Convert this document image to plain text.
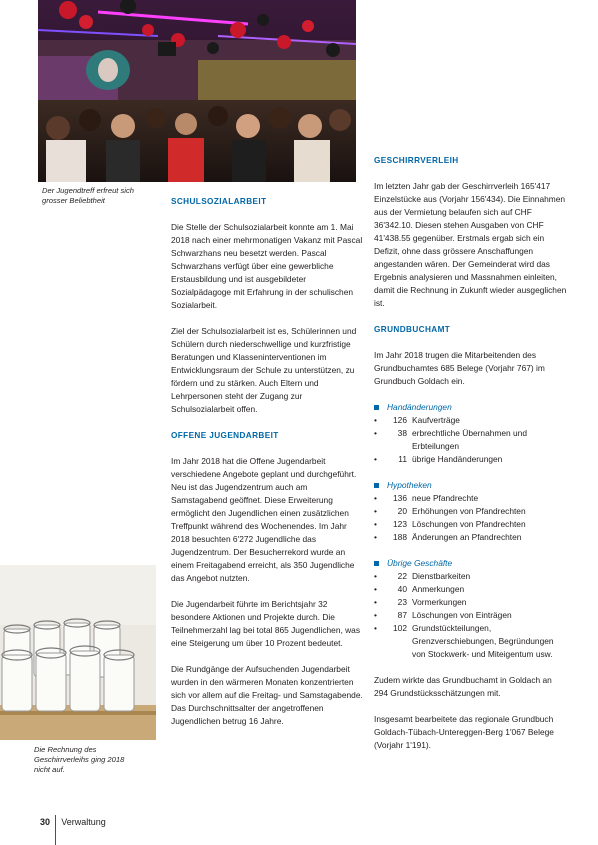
Der Jugendtreff erfreut sich grosser Beliebtheit
Die Rechnung des Geschirrverleihs ging 2018 nicht auf.
SCHULSOZIALARBEIT

Die Stelle der Schulsozialarbeit konnte am 1. Mai 2018 nach einer mehrmonatigen Vakanz mit Pascal Schwarzhans neu besetzt werden. Pascal Schwarzhans verfügt über eine gewerbliche Erstausbildung und ist ausgebildeter Sozialpädagoge mit Erfahrung in der schulischen Sozialarbeit.

Ziel der Schulsozialarbeit ist es, Schülerinnen und Schülern durch niederschwellige und kurzfristige Beratungen und Klasseninterventionen im Entwicklungsraum der Schule zu unterstützen, zu fördern und zu stärken. Auch Eltern und Lehrpersonen steht der Zugang zur Schulsozialarbeit offen.

OFFENE JUGENDARBEIT

Im Jahr 2018 hat die Offene Jugendarbeit verschiedene Angebote geplant und durchgeführt. Neu ist das Jugendzentrum auch am Samstagabend geöffnet. Diese Erweiterung ermöglicht den Jugendlichen einen zusätzlichen Treffpunkt während des Wochenendes. Im Jahr 2018 besuchten 6'272 Jugendliche das Jugendzentrum. Der Besucherrekord wurde an einem Freitagabend erreicht, als 350 Jugendliche das Angebot nutzten.

Die Jugendarbeit führte im Berichtsjahr 32 besondere Aktionen und Projekte durch. Die Teilnehmerzahl lag bei total 865 Jugendlichen, was eine Steigerung um über 10 Prozent bedeutet.

Die Rundgänge der Aufsuchenden Jugendarbeit wurden in den wärmeren Monaten konzentrierten sich vor allem auf die Freitag- und Samstagabende. Das Durchschnittsalter der angetroffenen Jugendlichen betrug 16 Jahre.

GESCHIRRVERLEIH

Im letzten Jahr gab der Geschirrverleih 165'417 Einzelstücke aus (Vorjahr 156'434). Die Einnahmen aus der Vermietung belaufen sich auf CHF 36'342.10. Diesen stehen Ausgaben von CHF 41'438.55 gegenüber. Erstmals ergab sich ein Defizit, ohne dass grössere Anschaffungen angestanden wären. Der Gemeinderat wird das Ergebnis analysieren und Massnahmen einleiten, damit die Rechnung in Zukunft wieder ausgeglichen ist.

GRUNDBUCHAMT

Im Jahr 2018 trugen die Mitarbeitenden des Grundbuchamtes 685 Belege (Vorjahr 767) im Grundbuch Goldach ein.

Handänderungen
•	126 Kaufverträge
•	38 erbrechtliche Übernahmen und Erbteilungen
•	11 übrige Handänderungen
Hypotheken
•	136 neue Pfandrechte
•	20 Erhöhungen von Pfandrechten
•	123 Löschungen von Pfandrechten
•	188 Änderungen an Pfandrechten
Übrige Geschäfte
•	22 Dienstbarkeiten
•	40 Anmerkungen
•	23 Vormerkungen
•	87 Löschungen von Einträgen
•	102 Grundstückteilungen, Grenzverschiebungen, Begründungen von Stockwerk- und Miteigentum usw.

Zudem wirkte das Grundbuchamt in Goldach an 294 Grundstücksschätzungen mit.

Insgesamt bearbeitete das regionale Grundbuch Goldach-Tübach-Untereggen-Berg 1'067 Belege (Vorjahr 1'191).

30 Verwaltung
